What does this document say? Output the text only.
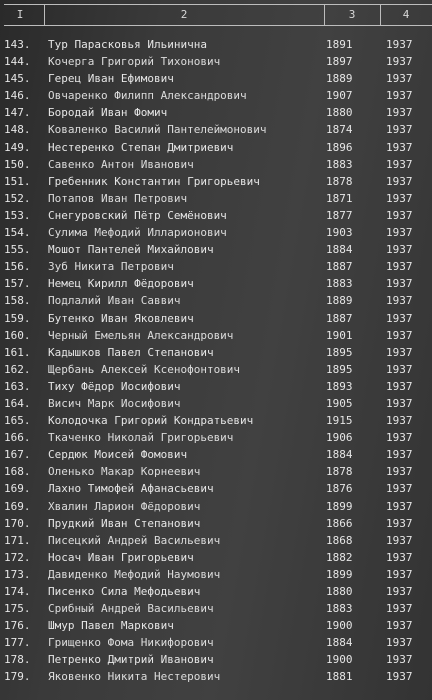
I	2	3	4
143.	Тур Парасковья Ильинична	1891	1937
144.	Кочерга Григорий Тихонович	1897	1937
145.	Герец Иван Ефимович	1889	1937
146.	Овчаренко Филипп Александрович	1907	1937
147.	Бородай Иван Фомич	1880	1937
148.	Коваленко Василий Пантелеймонович	1874	1937
149.	Нестеренко Степан Дмитриевич	1896	1937
150.	Савенко Антон Иванович	1883	1937
151.	Гребенник Константин Григорьевич	1878	1937
152.	Потапов Иван Петрович	1871	1937
153.	Снегуровский Пётр Семёнович	1877	1937
154.	Сулима Мефодий Илларионович	1903	1937
155.	Мошот Пантелей Михайлович	1884	1937
156.	Зуб Никита Петрович	1887	1937
157.	Немец Кирилл Фёдорович	1883	1937
158.	Подлалий Иван Саввич	1889	1937
159.	Бутенко Иван Яковлевич	1887	1937
160.	Черный Емельян Александрович	1901	1937
161.	Кадышков Павел Степанович	1895	1937
162.	Щербань Алексей Ксенофонтович	1895	1937
163.	Тиху Фёдор Иосифович	1893	1937
164.	Висич Марк Иосифович	1905	1937
165.	Колодочка Григорий Кондратьевич	1915	1937
166.	Ткаченко Николай Григорьевич	1906	1937
167.	Сердюк Моисей Фомович	1884	1937
168.	Оленько Макар Корнеевич	1878	1937
169.	Лахно Тимофей Афанасьевич	1876	1937
169.	Хвалин Ларион Фёдорович	1899	1937
170.	Прудкий Иван Степанович	1866	1937
171.	Писецкий Андрей Васильевич	1868	1937
172.	Носач Иван Григорьевич	1882	1937
173.	Давиденко Мефодий Наумович	1899	1937
174.	Писенко Сила Мефодьевич	1880	1937
175.	Срибный Андрей Васильевич	1883	1937
176.	Шмур Павел Маркович	1900	1937
177.	Грищенко Фома Никифорович	1884	1937
178.	Петренко Дмитрий Иванович	1900	1937
179.	Яковенко Никита Нестерович	1881	1937
